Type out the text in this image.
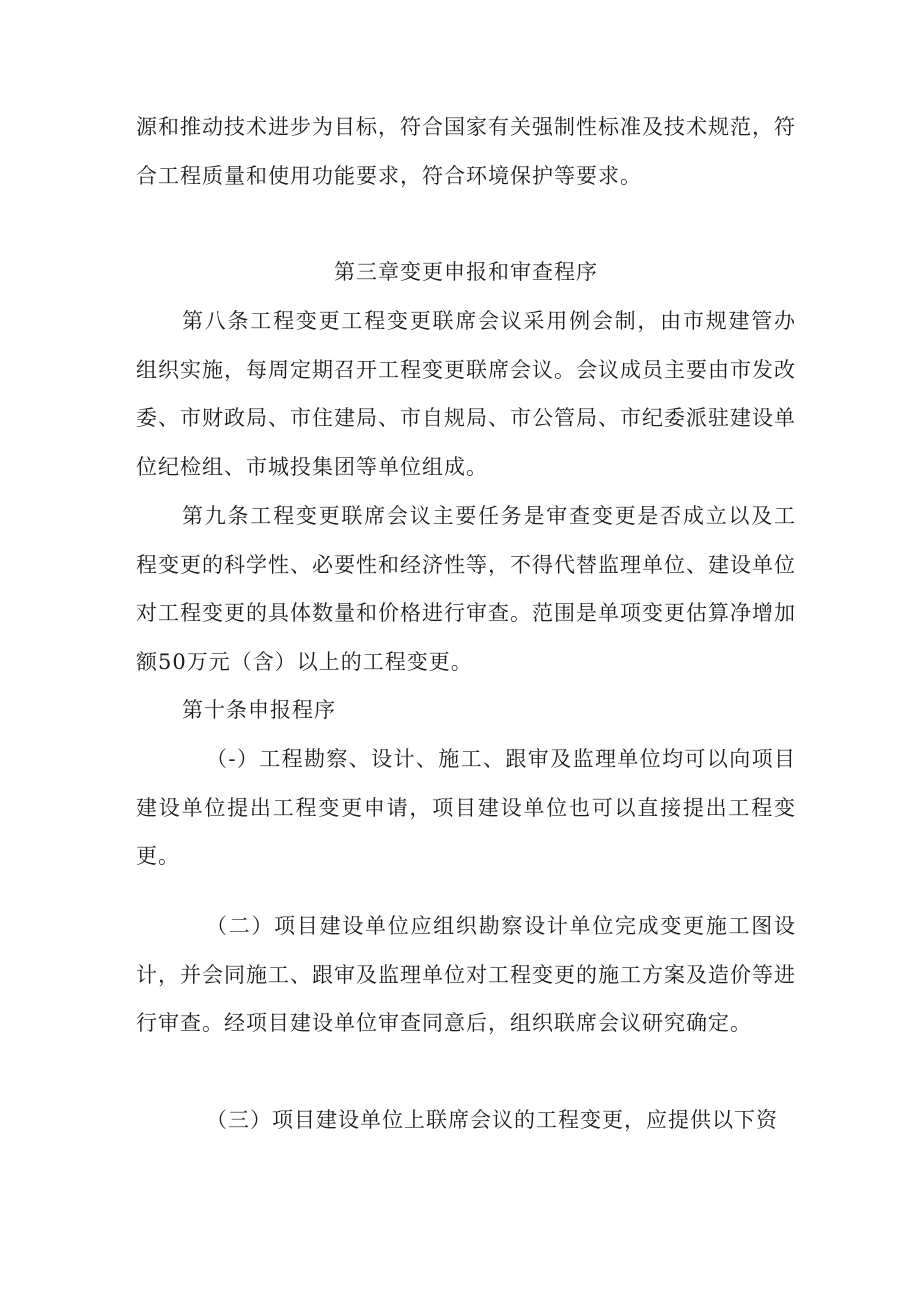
源和推动技术进步为目标，符合国家有关强制性标准及技术规范，符合工程质量和使用功能要求，符合环境保护等要求。

第三章变更申报和审查程序

第八条工程变更工程变更联席会议采用例会制，由市规建管办组织实施，每周定期召开工程变更联席会议。会议成员主要由市发改委、市财政局、市住建局、市自规局、市公管局、市纪委派驻建设单位纪检组、市城投集团等单位组成。

第九条工程变更联席会议主要任务是审查变更是否成立以及工程变更的科学性、必要性和经济性等，不得代替监理单位、建设单位对工程变更的具体数量和价格进行审查。范围是单项变更估算净增加额50万元（含）以上的工程变更。

第十条申报程序

（-）工程勘察、设计、施工、跟审及监理单位均可以向项目建设单位提出工程变更申请，项目建设单位也可以直接提出工程变更。

（二）项目建设单位应组织勘察设计单位完成变更施工图设计，并会同施工、跟审及监理单位对工程变更的施工方案及造价等进行审查。经项目建设单位审查同意后，组织联席会议研究确定。

（三）项目建设单位上联席会议的工程变更，应提供以下资
